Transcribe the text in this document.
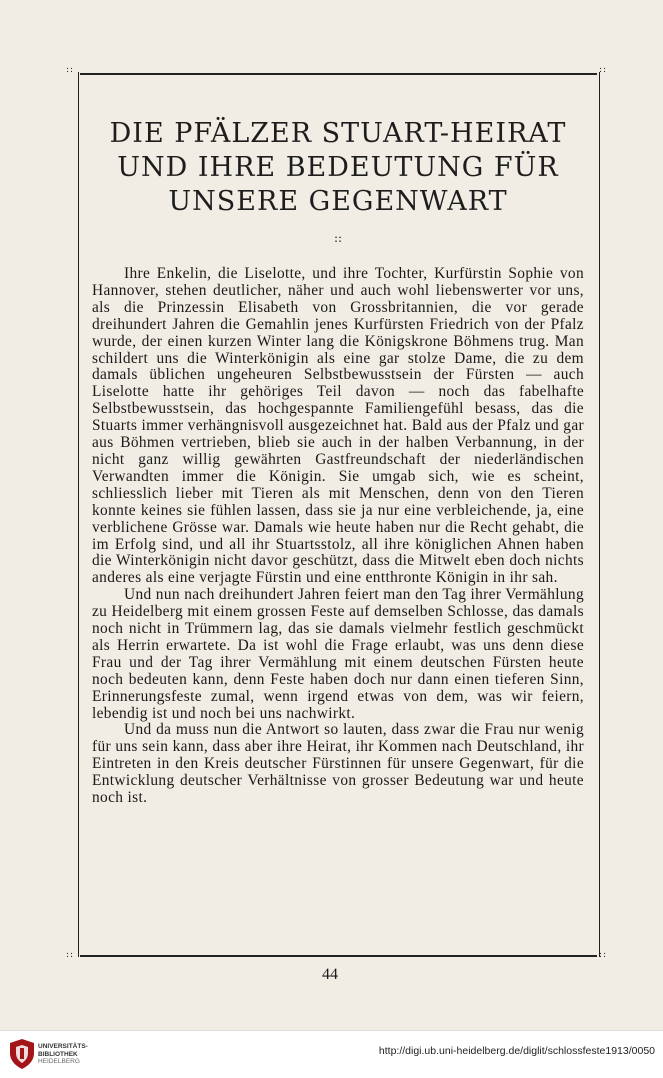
::	::
::	::
DIE PFÄLZER STUART-HEIRAT
UND IHRE BEDEUTUNG FÜR
UNSERE GEGENWART
::

Ihre Enkelin, die Liselotte, und ihre Tochter, Kurfürstin Sophie von Hannover, stehen deutlicher, näher und auch wohl liebenswerter vor uns, als die Prinzessin Elisabeth von Grossbritannien, die vor gerade dreihundert Jahren die Gemahlin jenes Kurfürsten Friedrich von der Pfalz wurde, der einen kurzen Winter lang die Königskrone Böhmens trug. Man schildert uns die Winterkönigin als eine gar stolze Dame, die zu dem damals üblichen ungeheuren Selbstbewusstsein der Fürsten — auch Liselotte hatte ihr gehöriges Teil davon — noch das fabelhafte Selbstbewusstsein, das hochgespannte Familiengefühl besass, das die Stuarts immer verhängnisvoll ausgezeichnet hat. Bald aus der Pfalz und gar aus Böhmen vertrieben, blieb sie auch in der halben Verbannung, in der nicht ganz willig gewährten Gastfreundschaft der niederländischen Verwandten immer die Königin. Sie umgab sich, wie es scheint, schliesslich lieber mit Tieren als mit Menschen, denn von den Tieren konnte keines sie fühlen lassen, dass sie ja nur eine verbleichende, ja, eine verblichene Grösse war. Damals wie heute haben nur die Recht gehabt, die im Erfolg sind, und all ihr Stuartsstolz, all ihre königlichen Ahnen haben die Winterkönigin nicht davor geschützt, dass die Mitwelt eben doch nichts anderes als eine verjagte Fürstin und eine entthronte Königin in ihr sah.

Und nun nach dreihundert Jahren feiert man den Tag ihrer Vermählung zu Heidelberg mit einem grossen Feste auf demselben Schlosse, das damals noch nicht in Trümmern lag, das sie damals vielmehr festlich geschmückt als Herrin erwartete. Da ist wohl die Frage erlaubt, was uns denn diese Frau und der Tag ihrer Vermählung mit einem deutschen Fürsten heute noch bedeuten kann, denn Feste haben doch nur dann einen tieferen Sinn, Erinnerungsfeste zumal, wenn irgend etwas von dem, was wir feiern, lebendig ist und noch bei uns nachwirkt.

Und da muss nun die Antwort so lauten, dass zwar die Frau nur wenig für uns sein kann, dass aber ihre Heirat, ihr Kommen nach Deutschland, ihr Eintreten in den Kreis deutscher Fürstinnen für unsere Gegenwart, für die Entwicklung deutscher Verhältnisse von grosser Bedeutung war und heute noch ist.

44
UNIVERSITÄTS-
BIBLIOTHEK
HEIDELBERG
http://digi.ub.uni-heidelberg.de/diglit/schlossfeste1913/0050
